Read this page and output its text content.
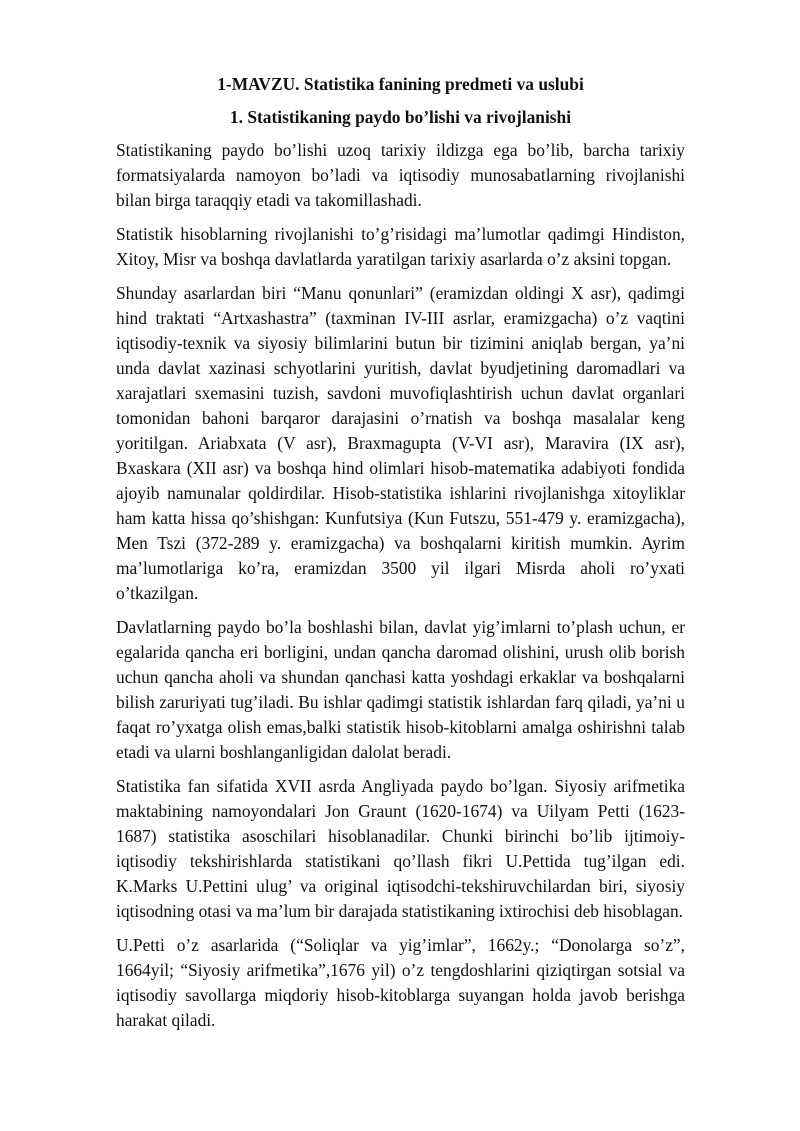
1-MAVZU. Statistika fanining predmeti va uslubi
1. Statistikaning paydo bo’lishi va rivojlanishi

Statistikaning paydo bo’lishi uzoq tarixiy ildizga ega bo’lib, barcha tarixiy formatsiyalarda namoyon bo’ladi va iqtisodiy munosabatlarning rivojlanishi bilan birga taraqqiy etadi va takomillashadi.

Statistik hisoblarning rivojlanishi to’g’risidagi ma’lumotlar qadimgi Hindiston, Xitoy, Misr va boshqa davlatlarda yaratilgan tarixiy asarlarda o’z aksini topgan.

Shunday asarlardan biri “Manu qonunlari” (eramizdan oldingi X asr), qadimgi hind traktati “Artxashastra” (taxminan IV-III asrlar, eramizgacha) o’z vaqtini iqtisodiy-texnik va siyosiy bilimlarini butun bir tizimini aniqlab bergan, ya’ni unda davlat xazinasi schyotlarini yuritish, davlat byudjetining daromadlari va xarajatlari sxemasini tuzish, savdoni muvofiqlashtirish uchun davlat organlari tomonidan bahoni barqaror darajasini o’rnatish va boshqa masalalar keng yoritilgan. Ariabxata (V asr), Braxmagupta (V-VI asr), Maravira (IX asr), Bxaskara (XII asr) va boshqa hind olimlari hisob-matematika adabiyoti fondida ajoyib namunalar qoldirdilar. Hisob-statistika ishlarini rivojlanishga xitoyliklar ham katta hissa qo’shishgan: Kunfutsiya (Kun Futszu, 551-479 y. eramizgacha), Men Tszi (372-289 y. eramizgacha) va boshqalarni kiritish mumkin. Ayrim ma’lumotlariga ko’ra, eramizdan 3500 yil ilgari Misrda aholi ro’yxati o’tkazilgan.

Davlatlarning paydo bo’la boshlashi bilan, davlat yig’imlarni to’plash uchun, er egalarida qancha eri borligini, undan qancha daromad olishini, urush olib borish uchun qancha aholi va shundan qanchasi katta yoshdagi erkaklar va boshqalarni bilish zaruriyati tug’iladi. Bu ishlar qadimgi statistik ishlardan farq qiladi, ya’ni u faqat ro’yxatga olish emas,balki statistik hisob-kitoblarni amalga oshirishni talab etadi va ularni boshlanganligidan dalolat beradi.

Statistika fan sifatida XVII asrda Angliyada paydo bo’lgan. Siyosiy arifmetika maktabining namoyondalari Jon Graunt (1620-1674) va Uilyam Petti (1623-1687) statistika asoschilari hisoblanadilar. Chunki birinchi bo’lib ijtimoiy-iqtisodiy tekshirishlarda statistikani qo’llash fikri U.Pettida tug’ilgan edi. K.Marks U.Pettini ulug’ va original iqtisodchi-tekshiruvchilardan biri, siyosiy iqtisodning otasi va ma’lum bir darajada statistikaning ixtirochisi deb hisoblagan.

U.Petti o’z asarlarida (“Soliqlar va yig’imlar”, 1662y.; “Donolarga so’z”, 1664yil; “Siyosiy arifmetika”,1676 yil) o’z tengdoshlarini qiziqtirgan sotsial va iqtisodiy savollarga miqdoriy hisob-kitoblarga suyangan holda javob berishga harakat qiladi.
